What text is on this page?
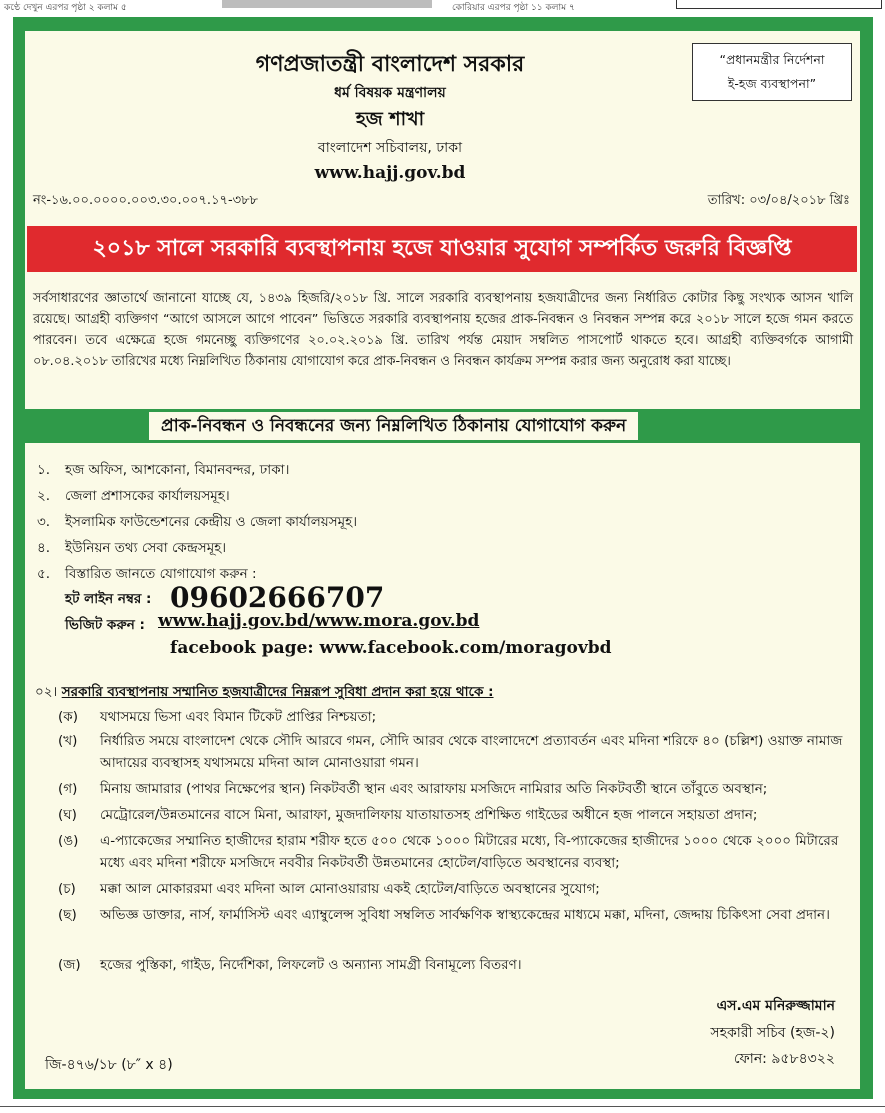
কণ্ঠে দেখুন এরপর পৃষ্ঠা ২ কলাম ৫	কোরিয়ার এরপর পৃষ্ঠা ১১ কলাম ৭
গণপ্রজাতন্ত্রী বাংলাদেশ সরকার
ধর্ম বিষয়ক মন্ত্রণালয়
হজ শাখা
বাংলাদেশ সচিবালয়, ঢাকা
www.hajj.gov.bd
“প্রধানমন্ত্রীর নির্দেশনা
ই-হজ ব্যবস্থাপনা”
নং-১৬.০০.০০০০.০০৩.৩০.০০৭.১৭-৩৮৮	তারিখ: ০৩/০৪/২০১৮ খ্রিঃ
২০১৮ সালে সরকারি ব্যবস্থাপনায় হজে যাওয়ার সুযোগ সম্পর্কিত জরুরি বিজ্ঞপ্তি
সর্বসাধারণের জ্ঞাতার্থে জানানো যাচ্ছে যে, ১৪৩৯ হিজরি/২০১৮ খ্রি. সালে সরকারি ব্যবস্থাপনায় হজযাত্রীদের জন্য নির্ধারিত কোটার কিছু সংখ্যক আসন খালি রয়েছে। আগ্রহী ব্যক্তিগণ “আগে আসলে আগে পাবেন” ভিত্তিতে সরকারি ব্যবস্থাপনায় হজের প্রাক-নিবন্ধন ও নিবন্ধন সম্পন্ন করে ২০১৮ সালে হজে গমন করতে পারবেন। তবে এক্ষেত্রে হজে গমনেচ্ছু ব্যক্তিগণের ২০.০২.২০১৯ খ্রি. তারিখ পর্যন্ত মেয়াদ সম্বলিত পাসপোর্ট থাকতে হবে। আগ্রহী ব্যক্তিবর্গকে আগামী ০৮.০৪.২০১৮ তারিখের মধ্যে নিম্নলিখিত ঠিকানায় যোগাযোগ করে প্রাক-নিবন্ধন ও নিবন্ধন কার্যক্রম সম্পন্ন করার জন্য অনুরোধ করা যাচ্ছে।
প্রাক-নিবন্ধন ও নিবন্ধনের জন্য নিম্নলিখিত ঠিকানায় যোগাযোগ করুন
১. হজ অফিস, আশকোনা, বিমানবন্দর, ঢাকা।
২. জেলা প্রশাসকের কার্যালয়সমূহ।
৩. ইসলামিক ফাউন্ডেশনের কেন্দ্রীয় ও জেলা কার্যালয়সমূহ।
৪. ইউনিয়ন তথ্য সেবা কেন্দ্রসমূহ।
৫. বিস্তারিত জানতে যোগাযোগ করুন :
হট লাইন নম্বর : 09602666707
ভিজিট করুন : www.hajj.gov.bd/www.mora.gov.bd
facebook page: www.facebook.com/moragovbd
০২। সরকারি ব্যবস্থাপনায় সম্মানিত হজযাত্রীদের নিম্নরূপ সুবিধা প্রদান করা হয়ে থাকে :
(ক)	যথাসময়ে ভিসা এবং বিমান টিকেট প্রাপ্তির নিশ্চয়তা;
(খ)	নির্ধারিত সময়ে বাংলাদেশ থেকে সৌদি আরবে গমন, সৌদি আরব থেকে বাংলাদেশে প্রত্যাবর্তন এবং মদিনা শরিফে ৪০ (চল্লিশ) ওয়াক্ত নামাজ আদায়ের ব্যবস্থাসহ যথাসময়ে মদিনা আল মোনাওয়ারা গমন।
(গ)	মিনায় জামারার (পাথর নিক্ষেপের স্থান) নিকটবর্তী স্থান এবং আরাফায় মসজিদে নামিরার অতি নিকটবর্তী স্থানে তাঁবুতে অবস্থান;
(ঘ)	মেট্রোরেল/উন্নতমানের বাসে মিনা, আরাফা, মুজদালিফায় যাতায়াতসহ প্রশিক্ষিত গাইডের অধীনে হজ পালনে সহায়তা প্রদান;
(ঙ)	এ-প্যাকেজের সম্মানিত হাজীদের হারাম শরীফ হতে ৫০০ থেকে ১০০০ মিটারের মধ্যে, বি-প্যাকেজের হাজীদের ১০০০ থেকে ২০০০ মিটারের মধ্যে এবং মদিনা শরীফে মসজিদে নববীর নিকটবর্তী উন্নতমানের হোটেল/বাড়িতে অবস্থানের ব্যবস্থা;
(চ)	মক্কা আল মোকাররমা এবং মদিনা আল মোনাওয়ারায় একই হোটেল/বাড়িতে অবস্থানের সুযোগ;
(ছ)	অভিজ্ঞ ডাক্তার, নার্স, ফার্মাসিস্ট এবং এ্যাম্বুলেন্স সুবিধা সম্বলিত সার্বক্ষণিক স্বাস্থ্যকেন্দ্রের মাধ্যমে মক্কা, মদিনা, জেদ্দায় চিকিৎসা সেবা প্রদান।
(জ)	হজের পুস্তিকা, গাইড, নির্দেশিকা, লিফলেট ও অন্যান্য সামগ্রী বিনামূল্যে বিতরণ।
এস.এম মনিরুজ্জামান
সহকারী সচিব (হজ-২)
ফোন: ৯৫৮৪৩২২
জি-৪৭৬/১৮ (৮″ x ৪)
